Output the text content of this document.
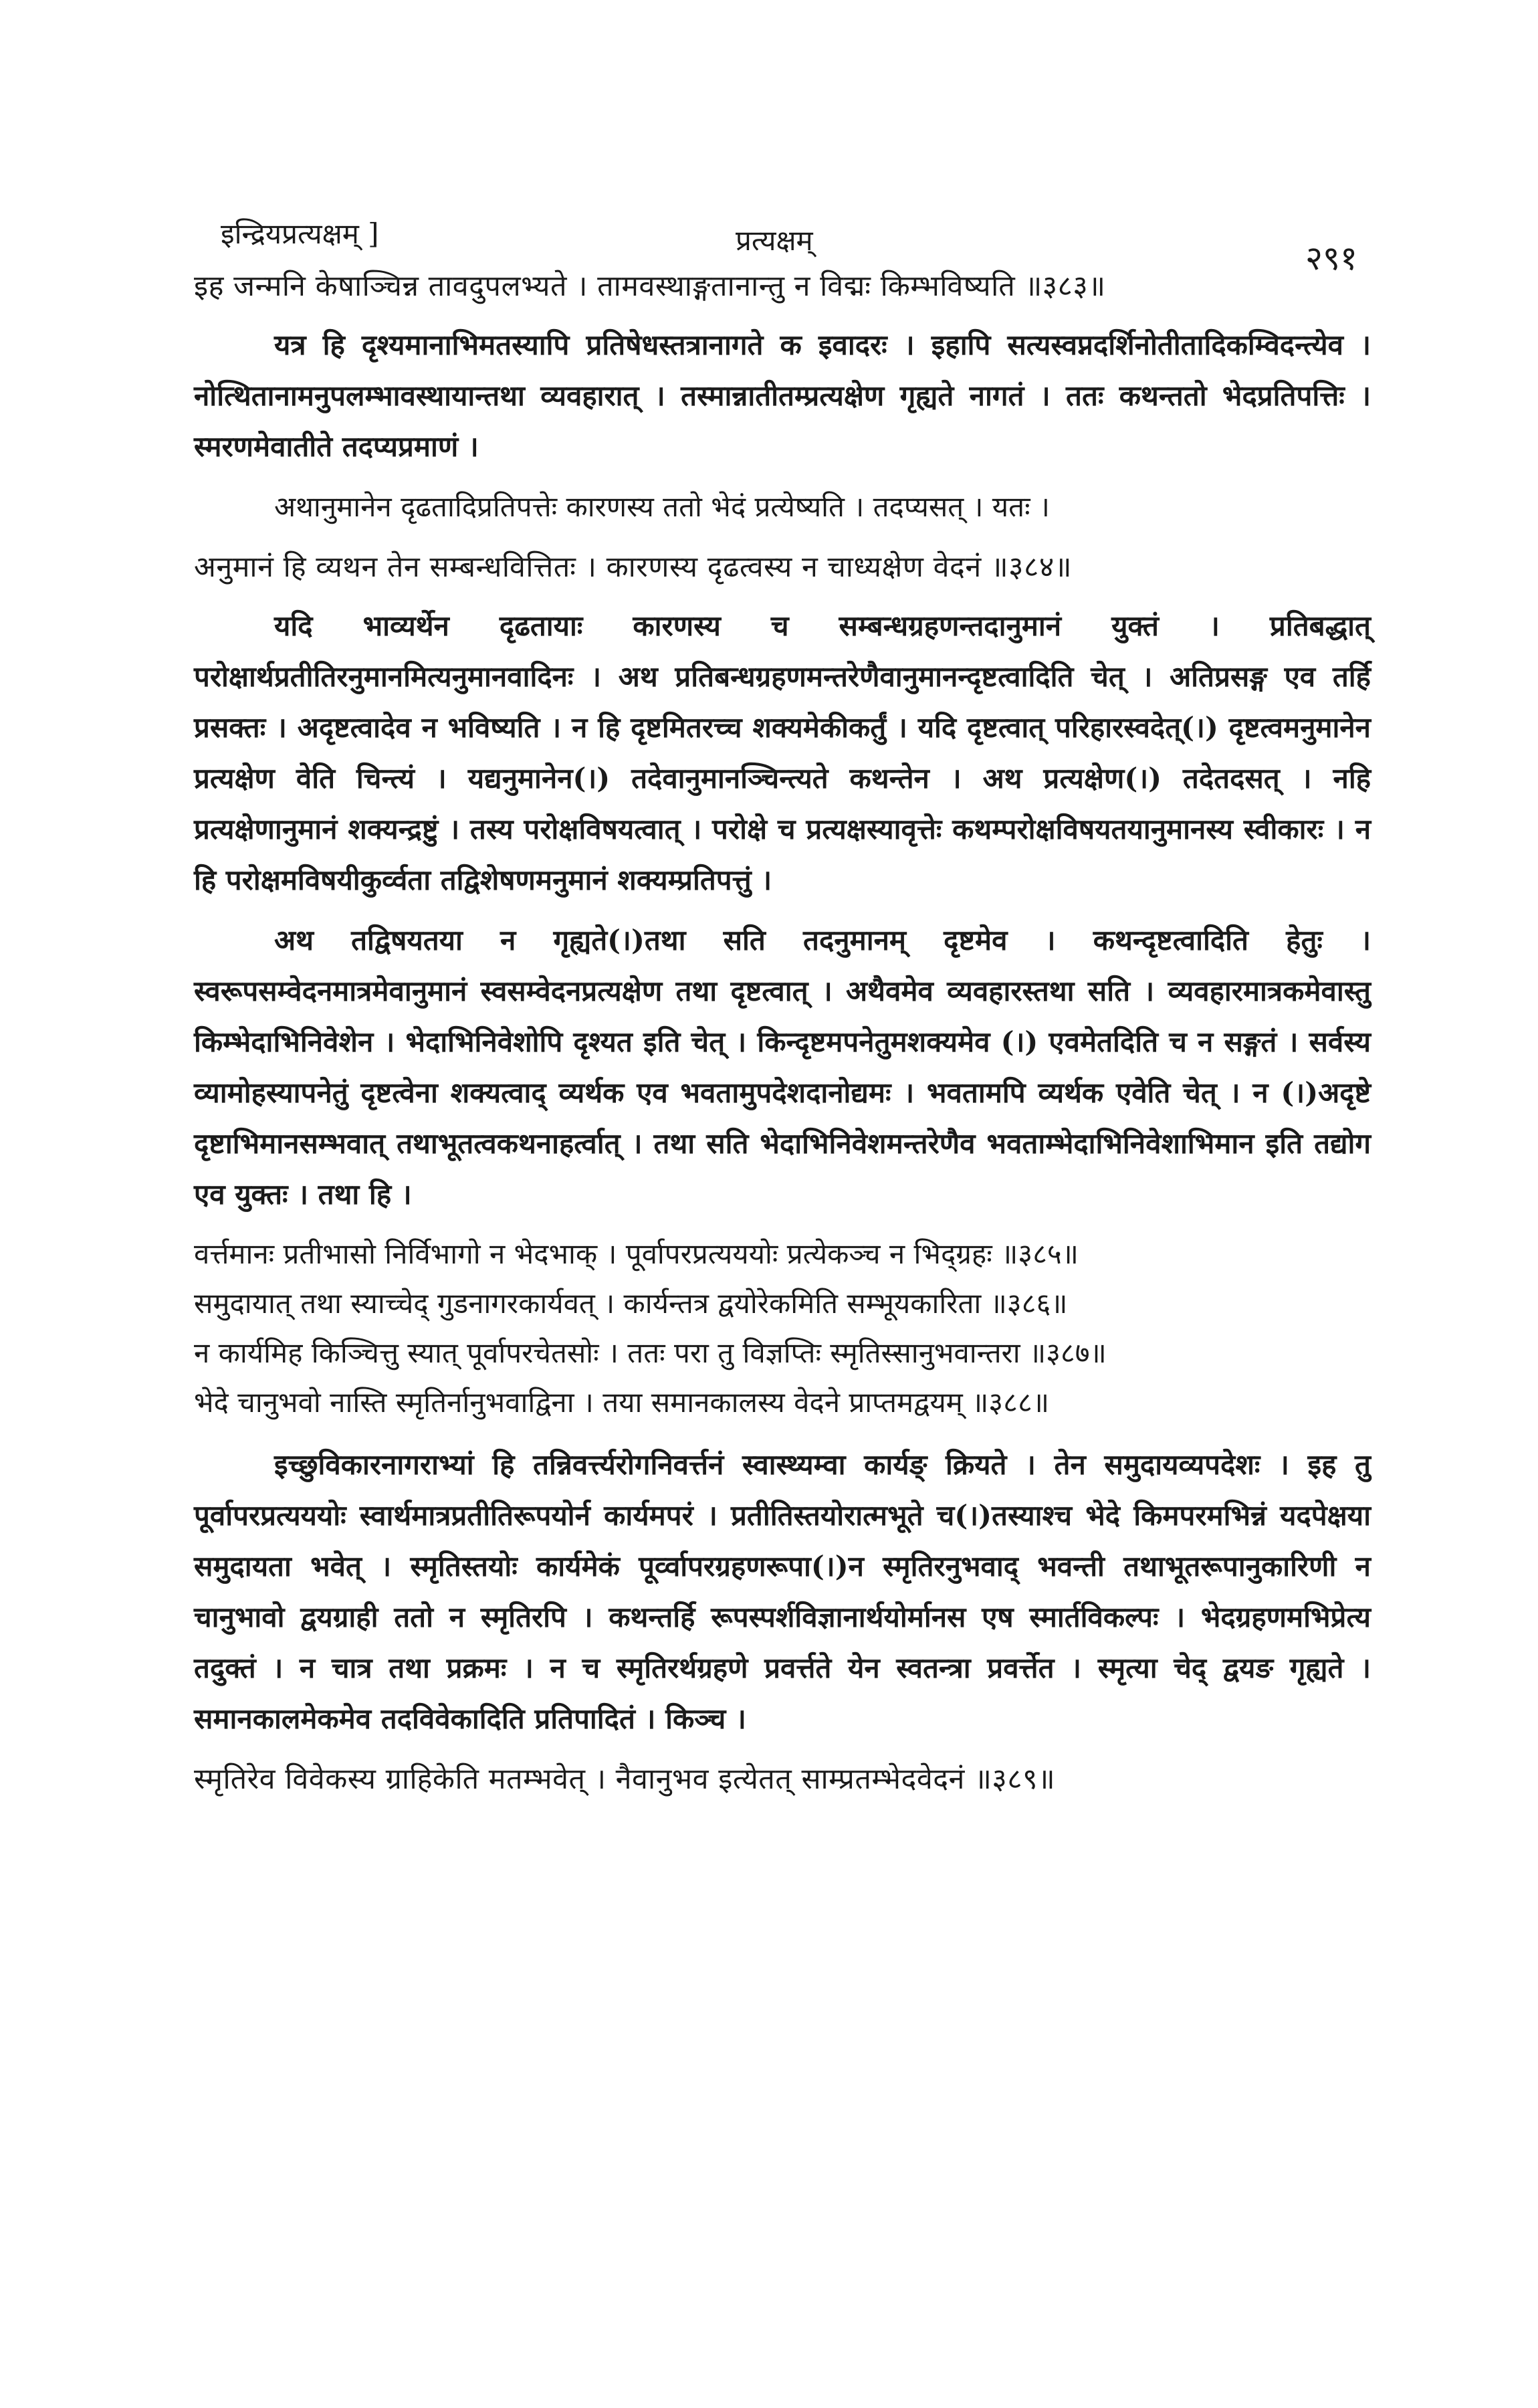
इन्द्रियप्रत्यक्षम् ]	प्रत्यक्षम्	२९१
इह जन्मनि केषाञ्चिन्न तावदुपलभ्यते । तामवस्थाङ्गतानान्तु न विद्मः किम्भविष्यति ॥३८३॥

यत्र हि दृश्यमानाभिमतस्यापि प्रतिषेधस्तत्रानागते क इवादरः । इहापि सत्यस्वप्नदर्शिनोतीतादिकम्विदन्त्येव । नोत्थितानामनुपलम्भावस्थायान्तथा व्यवहारात् । तस्मान्नातीतम्प्रत्यक्षेण गृह्यते नागतं । ततः कथन्ततो भेदप्रतिपत्तिः । स्मरणमेवातीते तदप्यप्रमाणं ।

अथानुमानेन दृढतादिप्रतिपत्तेः कारणस्य ततो भेदं प्रत्येष्यति । तदप्यसत् । यतः ।

अनुमानं हि व्यथन तेन सम्बन्धवित्तितः । कारणस्य दृढत्वस्य न चाध्यक्षेण वेदनं ॥३८४॥

यदि भाव्यर्थेन दृढतायाः कारणस्य च सम्बन्धग्रहणन्तदानुमानं युक्तं । प्रतिबद्धात् परोक्षार्थप्रतीतिरनुमानमित्यनुमानवादिनः । अथ प्रतिबन्धग्रहणमन्तरेणैवानुमानन्दृष्टत्वादिति चेत् । अतिप्रसङ्ग एव तर्हि प्रसक्तः । अदृष्टत्वादेव न भविष्यति । न हि दृष्टमितरच्च शक्यमेकीकर्तुं । यदि दृष्टत्वात् परिहारस्वदेत्(।) दृष्टत्वमनुमानेन प्रत्यक्षेण वेति चिन्त्यं । यद्यनुमानेन(।) तदेवानुमानञ्चिन्त्यते कथन्तेन । अथ प्रत्यक्षेण(।) तदेतदसत् । नहि प्रत्यक्षेणानुमानं शक्यन्द्रष्टुं । तस्य परोक्षविषयत्वात् । परोक्षे च प्रत्यक्षस्यावृत्तेः कथम्परोक्षविषयतयानुमानस्य स्वीकारः । न हि परोक्षमविषयीकुर्व्वता तद्विशेषणमनुमानं शक्यम्प्रतिपत्तुं ।

अथ तद्विषयतया न गृह्यते(।)तथा सति तदनुमानम् दृष्टमेव । कथन्दृष्टत्वादिति हेतुः । स्वरूपसम्वेदनमात्रमेवानुमानं स्वसम्वेदनप्रत्यक्षेण तथा दृष्टत्वात् । अथैवमेव व्यवहारस्तथा सति । व्यवहारमात्रकमेवास्तु किम्भेदाभिनिवेशेन । भेदाभिनिवेशोपि दृश्यत इति चेत् । किन्दृष्टमपनेतुमशक्यमेव (।) एवमेतदिति च न सङ्गतं । सर्वस्य व्यामोहस्यापनेतुं दृष्टत्वेना शक्यत्वाद् व्यर्थक एव भवतामुपदेशदानोद्यमः । भवतामपि व्यर्थक एवेति चेत् । न (।)अदृष्टे दृष्टाभिमानसम्भवात् तथाभूतत्वकथनाहर्त्वात् । तथा सति भेदाभिनिवेशमन्तरेणैव भवताम्भेदाभिनिवेशाभिमान इति तद्योग एव युक्तः । तथा हि ।

वर्त्तमानः प्रतीभासो निर्विभागो न भेदभाक् । पूर्वापरप्रत्यययोः प्रत्येकञ्च न भिद्ग्रहः ॥३८५॥
समुदायात् तथा स्याच्चेद् गुडनागरकार्यवत् । कार्यन्तत्र द्वयोरेकमिति सम्भूयकारिता ॥३८६॥
न कार्यमिह किञ्चित्तु स्यात् पूर्वापरचेतसोः । ततः परा तु विज्ञप्तिः स्मृतिस्सानुभवान्तरा ॥३८७॥
भेदे चानुभवो नास्ति स्मृतिर्नानुभवाद्विना । तया समानकालस्य वेदने प्राप्तमद्वयम् ॥३८८॥

इच्छुविकारनागराभ्यां हि तन्निवर्त्त्यरोगनिवर्त्तनं स्वास्थ्यम्वा कार्यङ् क्रियते । तेन समुदायव्यपदेशः । इह तु पूर्वापरप्रत्यययोः स्वार्थमात्रप्रतीतिरूपयोर्न कार्यमपरं । प्रतीतिस्तयोरात्मभूते च(।)तस्याश्च भेदे किमपरमभिन्नं यदपेक्षया समुदायता भवेत् । स्मृतिस्तयोः कार्यमेकं पूर्व्वापरग्रहणरूपा(।)न स्मृतिरनुभवाद् भवन्ती तथाभूतरूपानुकारिणी न चानुभावो द्वयग्राही ततो न स्मृतिरपि । कथन्तर्हि रूपस्पर्शविज्ञानार्थयोर्मानस एष स्मार्तविकल्पः । भेदग्रहणमभिप्रेत्य तदुक्तं । न चात्र तथा प्रक्रमः । न च स्मृतिरर्थग्रहणे प्रवर्त्तते येन स्वतन्त्रा प्रवर्त्तेत । स्मृत्या चेद् द्वयङ गृह्यते । समानकालमेकमेव तदविवेकादिति प्रतिपादितं । किञ्च ।

स्मृतिरेव विवेकस्य ग्राहिकेति मतम्भवेत् । नैवानुभव इत्येतत् साम्प्रतम्भेदवेदनं ॥३८९॥
